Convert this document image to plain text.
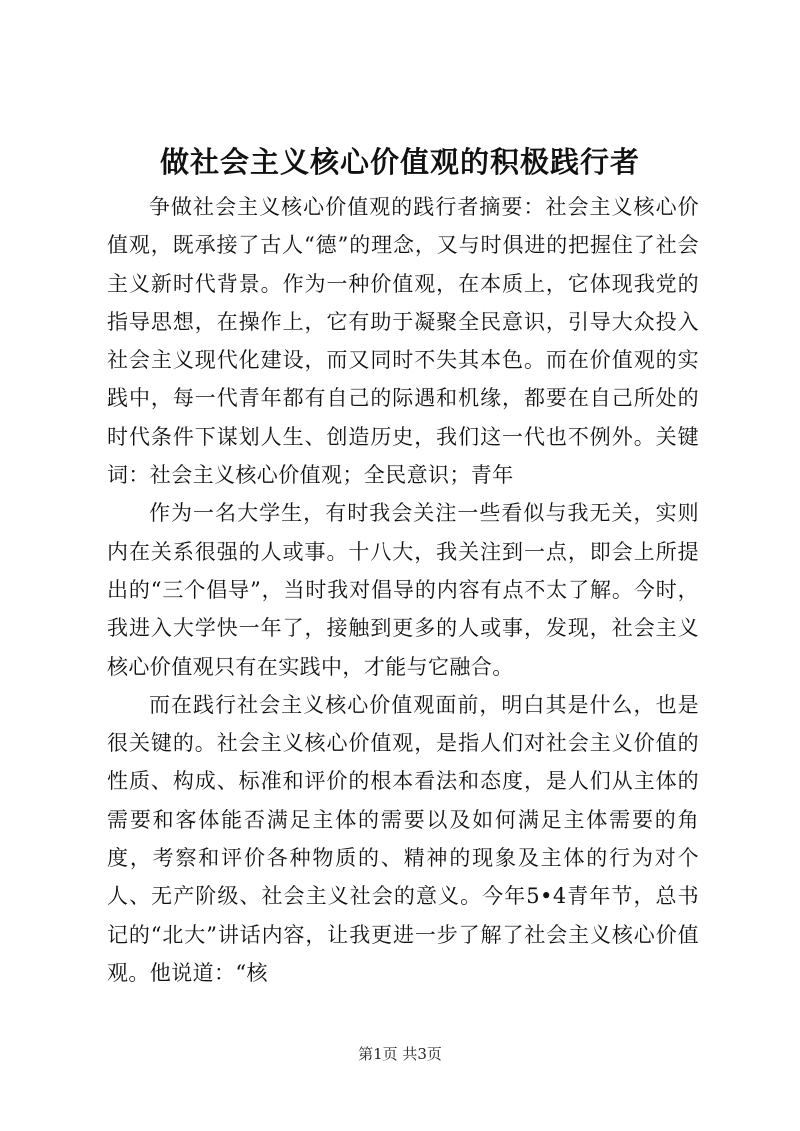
做社会主义核心价值观的积极践行者

争做社会主义核心价值观的践行者摘要：社会主义核心价值观，既承接了古人“德”的理念，又与时俱进的把握住了社会主义新时代背景。作为一种价值观，在本质上，它体现我党的指导思想，在操作上，它有助于凝聚全民意识，引导大众投入社会主义现代化建设，而又同时不失其本色。而在价值观的实践中，每一代青年都有自己的际遇和机缘，都要在自己所处的时代条件下谋划人生、创造历史，我们这一代也不例外。关键词：社会主义核心价值观；全民意识；青年

作为一名大学生，有时我会关注一些看似与我无关，实则内在关系很强的人或事。十八大，我关注到一点，即会上所提出的“三个倡导”，当时我对倡导的内容有点不太了解。今时，我进入大学快一年了，接触到更多的人或事，发现，社会主义核心价值观只有在实践中，才能与它融合。

而在践行社会主义核心价值观面前，明白其是什么，也是很关键的。社会主义核心价值观，是指人们对社会主义价值的性质、构成、标准和评价的根本看法和态度，是人们从主体的需要和客体能否满足主体的需要以及如何满足主体需要的角度，考察和评价各种物质的、精神的现象及主体的行为对个人、无产阶级、社会主义社会的意义。今年5•4青年节，总书记的“北大”讲话内容，让我更进一步了解了社会主义核心价值观。他说道：“核

第1页 共3页
